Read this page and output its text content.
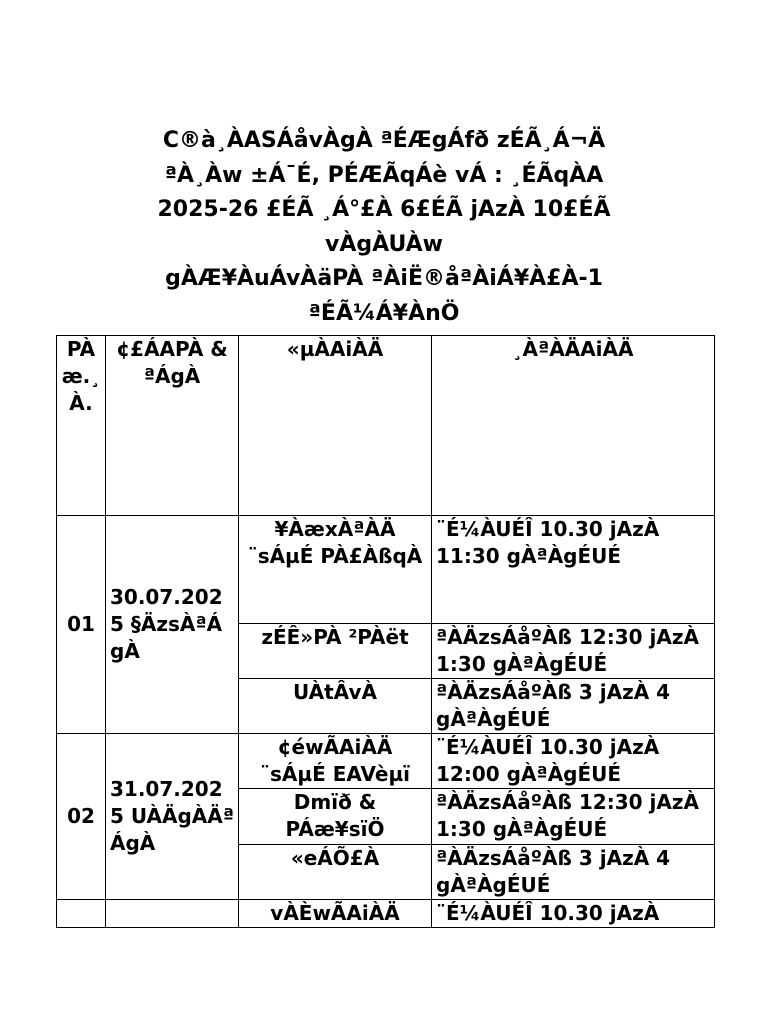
C®à¸ÀASÁåvÀgÀ ªÉÆgÁfð zÉÃ¸Á¬Ä
ªÀ¸Àw ±Á¯É, PÉÆÃqÁè vÁ : ¸ÉÃqÀA
2025-26 £ÉÃ ¸Á°£À 6£ÉÃ jAzÀ 10£ÉÃ
vÀgÀUÀw
gÀÆ¥ÀuÁvÀäPÀ ªÀiË®åªÀiÁ¥À£À-1
ªÉÃ¼Á¥ÀnÖ
PÀæ.¸À.	¢£ÁAPÀ & ªÁgÀ	«µÀAiÀÄ	¸ÀªÀÄAiÀÄ
01	30.07.2025 §ÄzsÀªÁgÀ	¥ÀæxÀªÀÄ ¨sÁµÉ PÀ£ÀßqÀ	¨É¼ÀUÉÎ 10.30 jAzÀ 11:30 gÀªÀgÉUÉ
		zÉÊ»PÀ ²PÀët	ªÀÄzsÁåºÀß 12:30 jAzÀ 1:30 gÀªÀgÉUÉ
		UÀtÂvÀ	ªÀÄzsÁåºÀß 3 jAzÀ 4 gÀªÀgÉUÉ
02	31.07.2025 UÀÄgÀÄªÁgÀ	¢éwÃAiÀÄ ¨sÁµÉ EAVèµï	¨É¼ÀUÉÎ 10.30 jAzÀ 12:00 gÀªÀgÉUÉ
		Dmïð & PÁæ¥sïÖ	ªÀÄzsÁåºÀß 12:30 jAzÀ 1:30 gÀªÀgÉUÉ
		«eÁÕ£À	ªÀÄzsÁåºÀß 3 jAzÀ 4 gÀªÀgÉUÉ
		vÀÈwÃAiÀÄ	¨É¼ÀUÉÎ 10.30 jAzÀ
